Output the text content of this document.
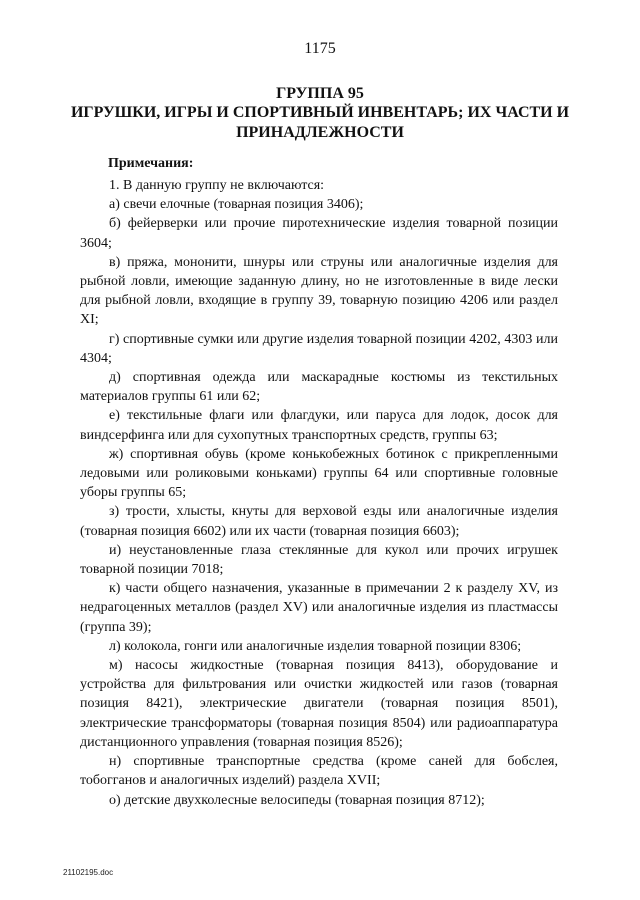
1175
ГРУППА 95
ИГРУШКИ, ИГРЫ И СПОРТИВНЫЙ ИНВЕНТАРЬ; ИХ ЧАСТИ И ПРИНАДЛЕЖНОСТИ
Примечания:

1. В данную группу не включаются:

а) свечи елочные (товарная позиция 3406);

б) фейерверки или прочие пиротехнические изделия товарной позиции 3604;

в) пряжа, мононити, шнуры или струны или аналогичные изделия для рыбной ловли, имеющие заданную длину, но не изготовленные в виде лески для рыбной ловли, входящие в группу 39, товарную позицию 4206 или раздел XI;

г) спортивные сумки или другие изделия товарной позиции 4202, 4303 или 4304;

д) спортивная одежда или маскарадные костюмы из текстильных материалов группы 61 или 62;

е) текстильные флаги или флагдуки, или паруса для лодок, досок для виндсерфинга или для сухопутных транспортных средств, группы 63;

ж) спортивная обувь (кроме конькобежных ботинок с прикрепленными ледовыми или роликовыми коньками) группы 64 или спортивные головные уборы группы 65;

з) трости, хлысты, кнуты для верховой езды или аналогичные изделия (товарная позиция 6602) или их части (товарная позиция 6603);

и) неустановленные глаза стеклянные для кукол или прочих игрушек товарной позиции 7018;

к) части общего назначения, указанные в примечании 2 к разделу XV, из недрагоценных металлов (раздел XV) или аналогичные изделия из пластмассы (группа 39);

л) колокола, гонги или аналогичные изделия товарной позиции 8306;

м) насосы жидкостные (товарная позиция 8413), оборудование и устройства для фильтрования или очистки жидкостей или газов (товарная позиция 8421), электрические двигатели (товарная позиция 8501), электрические трансформаторы (товарная позиция 8504) или радиоаппаратура дистанционного управления (товарная позиция 8526);

н) спортивные транспортные средства (кроме саней для бобслея, тобогганов и аналогичных изделий) раздела XVII;

о) детские двухколесные велосипеды (товарная позиция 8712);

21102195.doc
